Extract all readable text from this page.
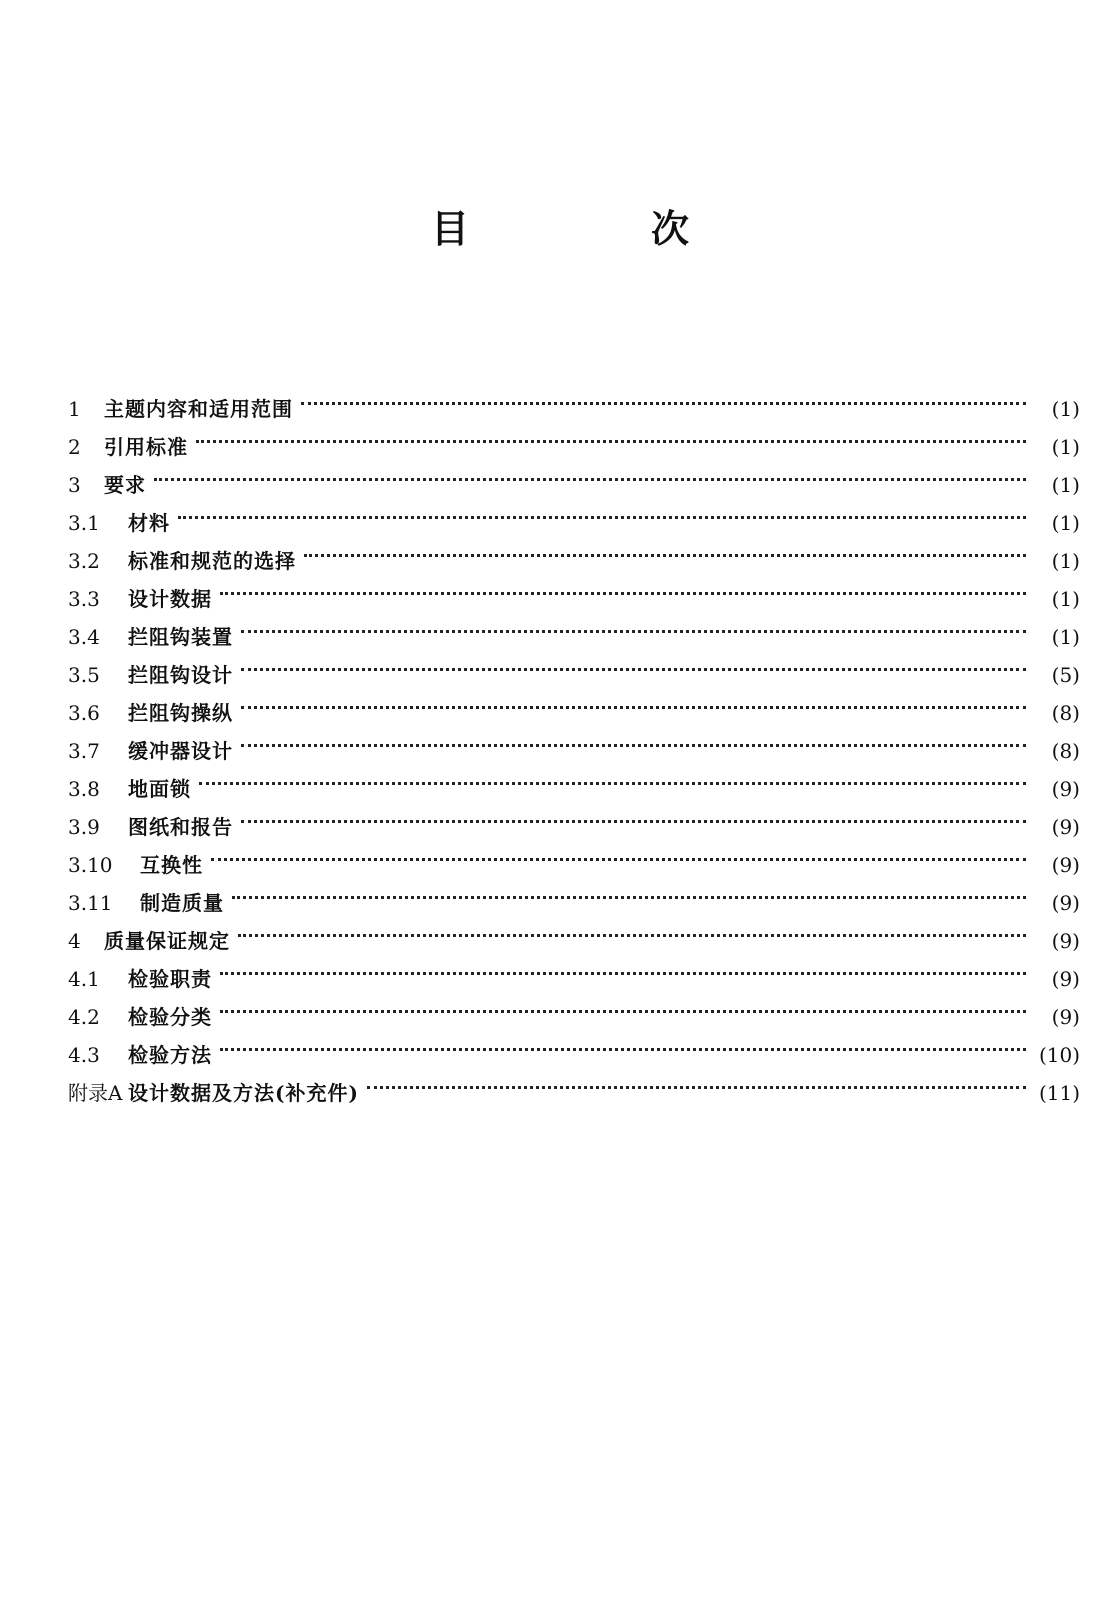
目　次
1	主题内容和适用范围	(1)
2	引用标准	(1)
3	要求	(1)
3.1	材料	(1)
3.2	标准和规范的选择	(1)
3.3	设计数据	(1)
3.4	拦阻钩装置	(1)
3.5	拦阻钩设计	(5)
3.6	拦阻钩操纵	(8)
3.7	缓冲器设计	(8)
3.8	地面锁	(9)
3.9	图纸和报告	(9)
3.10	互换性	(9)
3.11	制造质量	(9)
4	质量保证规定	(9)
4.1	检验职责	(9)
4.2	检验分类	(9)
4.3	检验方法	(10)
附录A 设计数据及方法(补充件)	(11)
